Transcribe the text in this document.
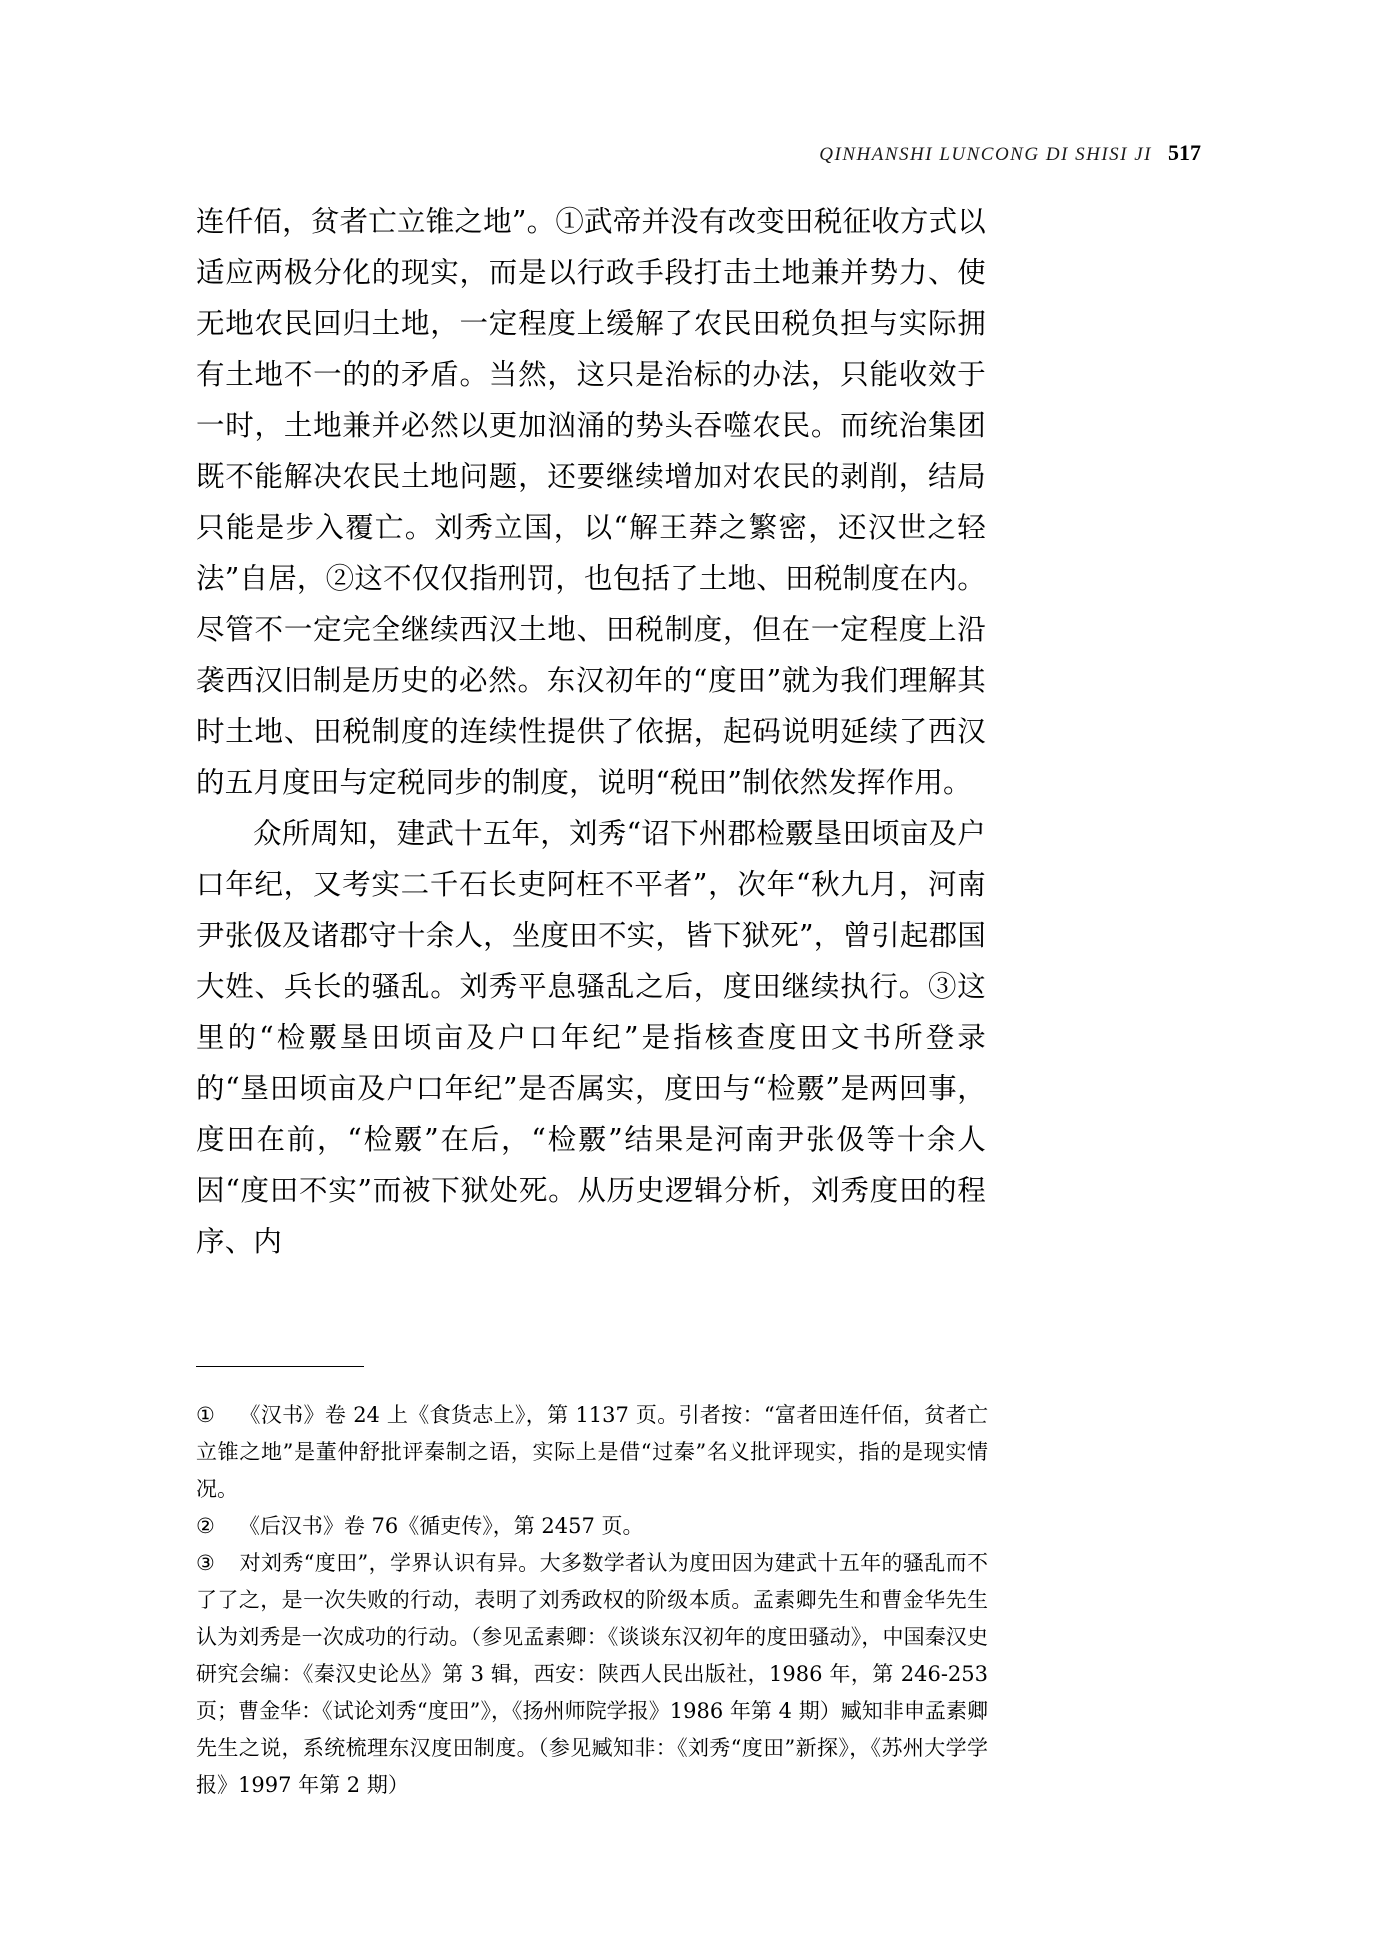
QINHANSHI LUNCONG DI SHISI JI 517

连仟佰，贫者亡立锥之地”。①武帝并没有改变田税征收方式以适应两极分化的现实，而是以行政手段打击土地兼并势力、使无地农民回归土地，一定程度上缓解了农民田税负担与实际拥有土地不一的的矛盾。当然，这只是治标的办法，只能收效于一时，土地兼并必然以更加汹涌的势头吞噬农民。而统治集团既不能解决农民土地问题，还要继续增加对农民的剥削，结局只能是步入覆亡。刘秀立国，以“解王莽之繁密，还汉世之轻法”自居，②这不仅仅指刑罚，也包括了土地、田税制度在内。尽管不一定完全继续西汉土地、田税制度，但在一定程度上沿袭西汉旧制是历史的必然。东汉初年的“度田”就为我们理解其时土地、田税制度的连续性提供了依据，起码说明延续了西汉的五月度田与定税同步的制度，说明“税田”制依然发挥作用。

众所周知，建武十五年，刘秀“诏下州郡检覈垦田顷亩及户口年纪，又考实二千石长吏阿枉不平者”，次年“秋九月，河南尹张伋及诸郡守十余人，坐度田不实，皆下狱死”，曾引起郡国大姓、兵长的骚乱。刘秀平息骚乱之后，度田继续执行。③这里的“检覈垦田顷亩及户口年纪”是指核查度田文书所登录的“垦田顷亩及户口年纪”是否属实，度田与“检覈”是两回事，度田在前，“检覈”在后，“检覈”结果是河南尹张伋等十余人因“度田不实”而被下狱处死。从历史逻辑分析，刘秀度田的程序、内

① 《汉书》卷 24 上《食货志上》，第 1137 页。引者按：“富者田连仟佰，贫者亡立锥之地”是董仲舒批评秦制之语，实际上是借“过秦”名义批评现实，指的是现实情况。

② 《后汉书》卷 76《循吏传》，第 2457 页。

③ 对刘秀“度田”，学界认识有异。大多数学者认为度田因为建武十五年的骚乱而不了了之，是一次失败的行动，表明了刘秀政权的阶级本质。孟素卿先生和曹金华先生认为刘秀是一次成功的行动。（参见孟素卿：《谈谈东汉初年的度田骚动》，中国秦汉史研究会编：《秦汉史论丛》第 3 辑，西安：陕西人民出版社，1986 年，第 246-253 页；曹金华：《试论刘秀“度田”》，《扬州师院学报》1986 年第 4 期）臧知非申孟素卿先生之说，系统梳理东汉度田制度。（参见臧知非：《刘秀“度田”新探》，《苏州大学学报》1997 年第 2 期）
